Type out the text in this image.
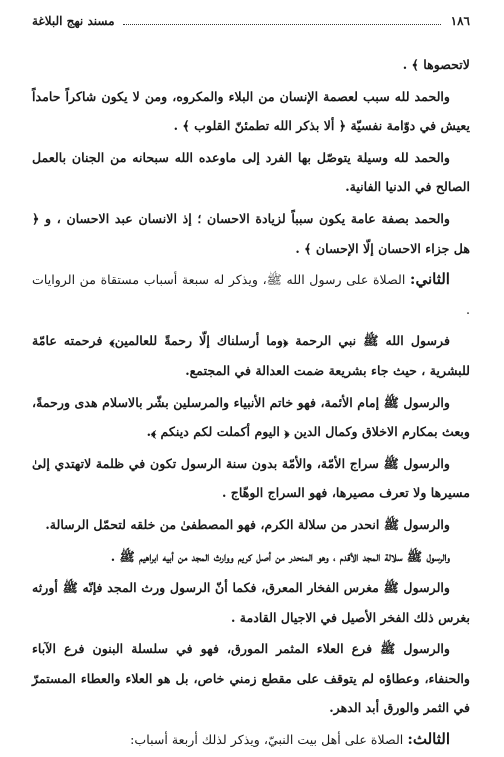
١٨٦
مسند نهج البلاغة

لاتحصوها ﴾ .

والحمد لله سبب لعصمة الإنسان من البلاء والمكروه، ومن لا يكون شاكراً حامداً يعيش في دوّامة نفسيّة ﴿ ألا بذكر الله تطمئنّ القلوب ﴾ .

والحمد لله وسيلة يتوصّل بها الفرد إلى ماوعده الله سبحانه من الجنان بالعمل الصالح في الدنيا الفانية.

والحمد بصفة عامة يكون سبباً لزيادة الاحسان ؛ إذ الانسان عبد الاحسان ، و ﴿ هل جزاء الاحسان إلّا الإحسان ﴾ .

الثاني: الصلاة على رسول الله ﷺ، ويذكر له سبعة أسباب مستقاة من الروايات .

فرسول الله ﷺ نبي الرحمة ﴿وما أرسلناك إلّا رحمةً للعالمين﴾ فرحمته عامّة للبشرية ، حيث جاء بشريعة ضمت العدالة في المجتمع.

والرسول ﷺ إمام الأئمة، فهو خاتم الأنبياء والمرسلين بشّر بالاسلام هدى ورحمةً، وبعث بمكارم الاخلاق وكمال الدين ﴿ اليوم أكملت لكم دينكم ﴾.

والرسول ﷺ سراج الأمّة، والأمّة بدون سنة الرسول تكون في ظلمة لاتهتدي إلىٰ مسيرها ولا تعرف مصيرها، فهو السراج الوهّاج .

والرسول ﷺ انحدر من سلالة الكرم، فهو المصطفىٰ من خلقه لتحمّل الرسالة.

والرسول ﷺ سلالة المجد الأقدم ، وهو المنحدر من أصل كريم ووارث المجد من أبيه ابراهيم ﷺ .

والرسول ﷺ مغرس الفخار المعرق، فكما أنّ الرسول ورث المجد فإنّه ﷺ أورثه بغرس ذلك الفخر الأصيل في الاجيال القادمة .

والرسول ﷺ فرع العلاء المثمر المورق، فهو في سلسلة البنون فرع الآباء والحنفاء، وعطاؤه لم يتوقف على مقطع زمني خاص، بل هو العلاء والعطاء المستمرّ في الثمر والورق أبد الدهر.

الثالث: الصلاة على أهل بيت النبيّ، ويذكر لذلك أربعة أسباب:
